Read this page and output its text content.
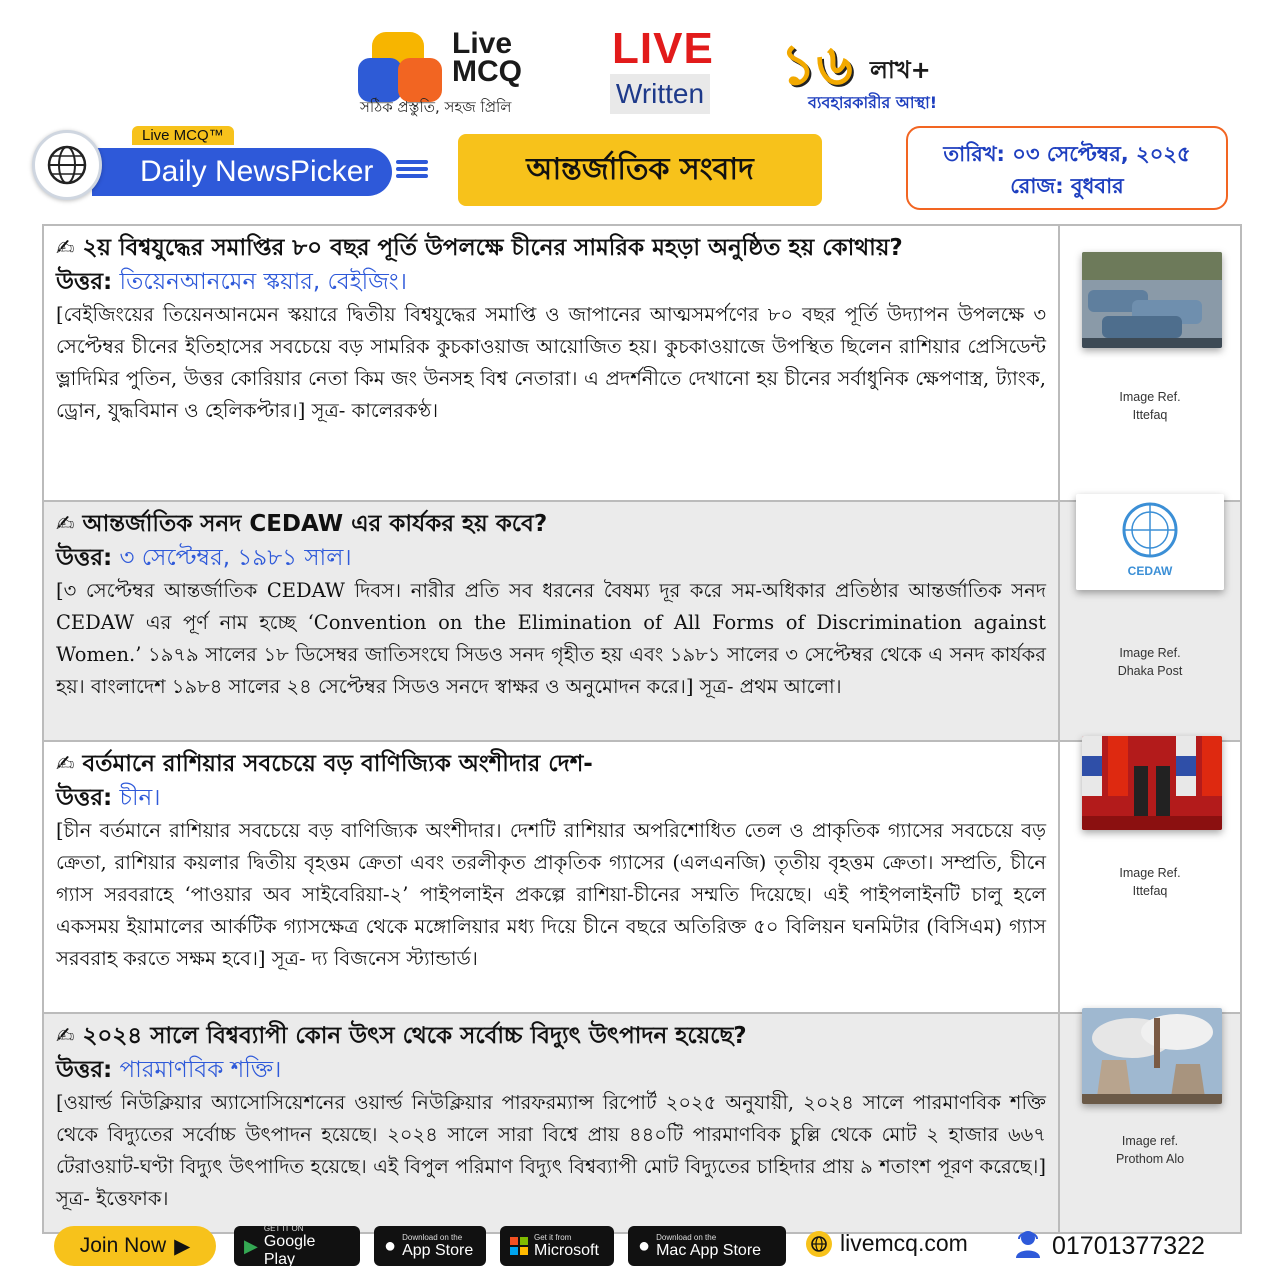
Live
MCQ
সঠিক প্রস্তুতি, সহজ প্রিলি
LIVE
Written ১৬ লাখ+
ব্যবহারকারীর আস্থা!
Daily NewsPicker
Live MCQ™
আন্তর্জাতিক সংবাদ	তারিখ: ০৩ সেপ্টেম্বর, ২০২৫
রোজ: বুধবার
✍ ২য় বিশ্বযুদ্ধের সমাপ্তির ৮০ বছর পূর্তি উপলক্ষে চীনের সামরিক মহড়া অনুষ্ঠিত হয় কোথায়?
উত্তর: তিয়েনআনমেন স্কয়ার, বেইজিং।
[বেইজিংয়ের তিয়েনআনমেন স্কয়ারে দ্বিতীয় বিশ্বযুদ্ধের সমাপ্তি ও জাপানের আত্মসমর্পণের ৮০ বছর পূর্তি উদ্যাপন উপলক্ষে ৩ সেপ্টেম্বর চীনের ইতিহাসের সবচেয়ে বড় সামরিক কুচকাওয়াজ আয়োজিত হয়। কুচকাওয়াজে উপস্থিত ছিলেন রাশিয়ার প্রেসিডেন্ট ভ্লাদিমির পুতিন, উত্তর কোরিয়ার নেতা কিম জং উনসহ বিশ্ব নেতারা। এ প্রদর্শনীতে দেখানো হয় চীনের সর্বাধুনিক ক্ষেপণাস্ত্র, ট্যাংক, ড্রোন, যুদ্ধবিমান ও হেলিকপ্টার।] সূত্র- কালেরকণ্ঠ।
Image Ref.
Ittefaq
✍ আন্তর্জাতিক সনদ CEDAW এর কার্যকর হয় কবে?
উত্তর: ৩ সেপ্টেম্বর, ১৯৮১ সাল।
[৩ সেপ্টেম্বর আন্তর্জাতিক CEDAW দিবস। নারীর প্রতি সব ধরনের বৈষম্য দূর করে সম-অধিকার প্রতিষ্ঠার আন্তর্জাতিক সনদ CEDAW এর পূর্ণ নাম হচ্ছে ‘Convention on the Elimination of All Forms of Discrimination against Women.’ ১৯৭৯ সালের ১৮ ডিসেম্বর জাতিসংঘে সিডও সনদ গৃহীত হয় এবং ১৯৮১ সালের ৩ সেপ্টেম্বর থেকে এ সনদ কার্যকর হয়। বাংলাদেশ ১৯৮৪ সালের ২৪ সেপ্টেম্বর সিডও সনদে স্বাক্ষর ও অনুমোদন করে।] সূত্র- প্রথম আলো।
CEDAW
Image Ref.
Dhaka Post
✍ বর্তমানে রাশিয়ার সবচেয়ে বড় বাণিজ্যিক অংশীদার দেশ-
উত্তর: চীন।
[চীন বর্তমানে রাশিয়ার সবচেয়ে বড় বাণিজ্যিক অংশীদার। দেশটি রাশিয়ার অপরিশোধিত তেল ও প্রাকৃতিক গ্যাসের সবচেয়ে বড় ক্রেতা, রাশিয়ার কয়লার দ্বিতীয় বৃহত্তম ক্রেতা এবং তরলীকৃত প্রাকৃতিক গ্যাসের (এলএনজি) তৃতীয় বৃহত্তম ক্রেতা। সম্প্রতি, চীনে গ্যাস সরবরাহে ‘পাওয়ার অব সাইবেরিয়া-২’ পাইপলাইন প্রকল্পে রাশিয়া-চীনের সম্মতি দিয়েছে। এই পাইপলাইনটি চালু হলে একসময় ইয়ামালের আর্কটিক গ্যাসক্ষেত্র থেকে মঙ্গোলিয়ার মধ্য দিয়ে চীনে বছরে অতিরিক্ত ৫০ বিলিয়ন ঘনমিটার (বিসিএম) গ্যাস সরবরাহ করতে সক্ষম হবে।] সূত্র- দ্য বিজনেস স্ট্যান্ডার্ড।
Image Ref.
Ittefaq
✍ ২০২৪ সালে বিশ্বব্যাপী কোন উৎস থেকে সর্বোচ্চ বিদ্যুৎ উৎপাদন হয়েছে?
উত্তর: পারমাণবিক শক্তি।
[ওয়ার্ল্ড নিউক্লিয়ার অ্যাসোসিয়েশনের ওয়ার্ল্ড নিউক্লিয়ার পারফরম্যান্স রিপোর্ট ২০২৫ অনুযায়ী, ২০২৪ সালে পারমাণবিক শক্তি থেকে বিদ্যুতের সর্বোচ্চ উৎপাদন হয়েছে। ২০২৪ সালে সারা বিশ্বে প্রায় ৪৪০টি পারমাণবিক চুল্লি থেকে মোট ২ হাজার ৬৬৭ টেরাওয়াট-ঘণ্টা বিদ্যুৎ উৎপাদিত হয়েছে। এই বিপুল পরিমাণ বিদ্যুৎ বিশ্বব্যাপী মোট বিদ্যুতের চাহিদার প্রায় ৯ শতাংশ পূরণ করেছে।] সূত্র- ইত্তেফাক।
Image ref.
Prothom Alo
Join Now ▶	▶
GET IT ON
Google Play
● Download on the
App Store
Get it from
Microsoft ● Download on the
Mac App Store	livemcq.com	01701377322
